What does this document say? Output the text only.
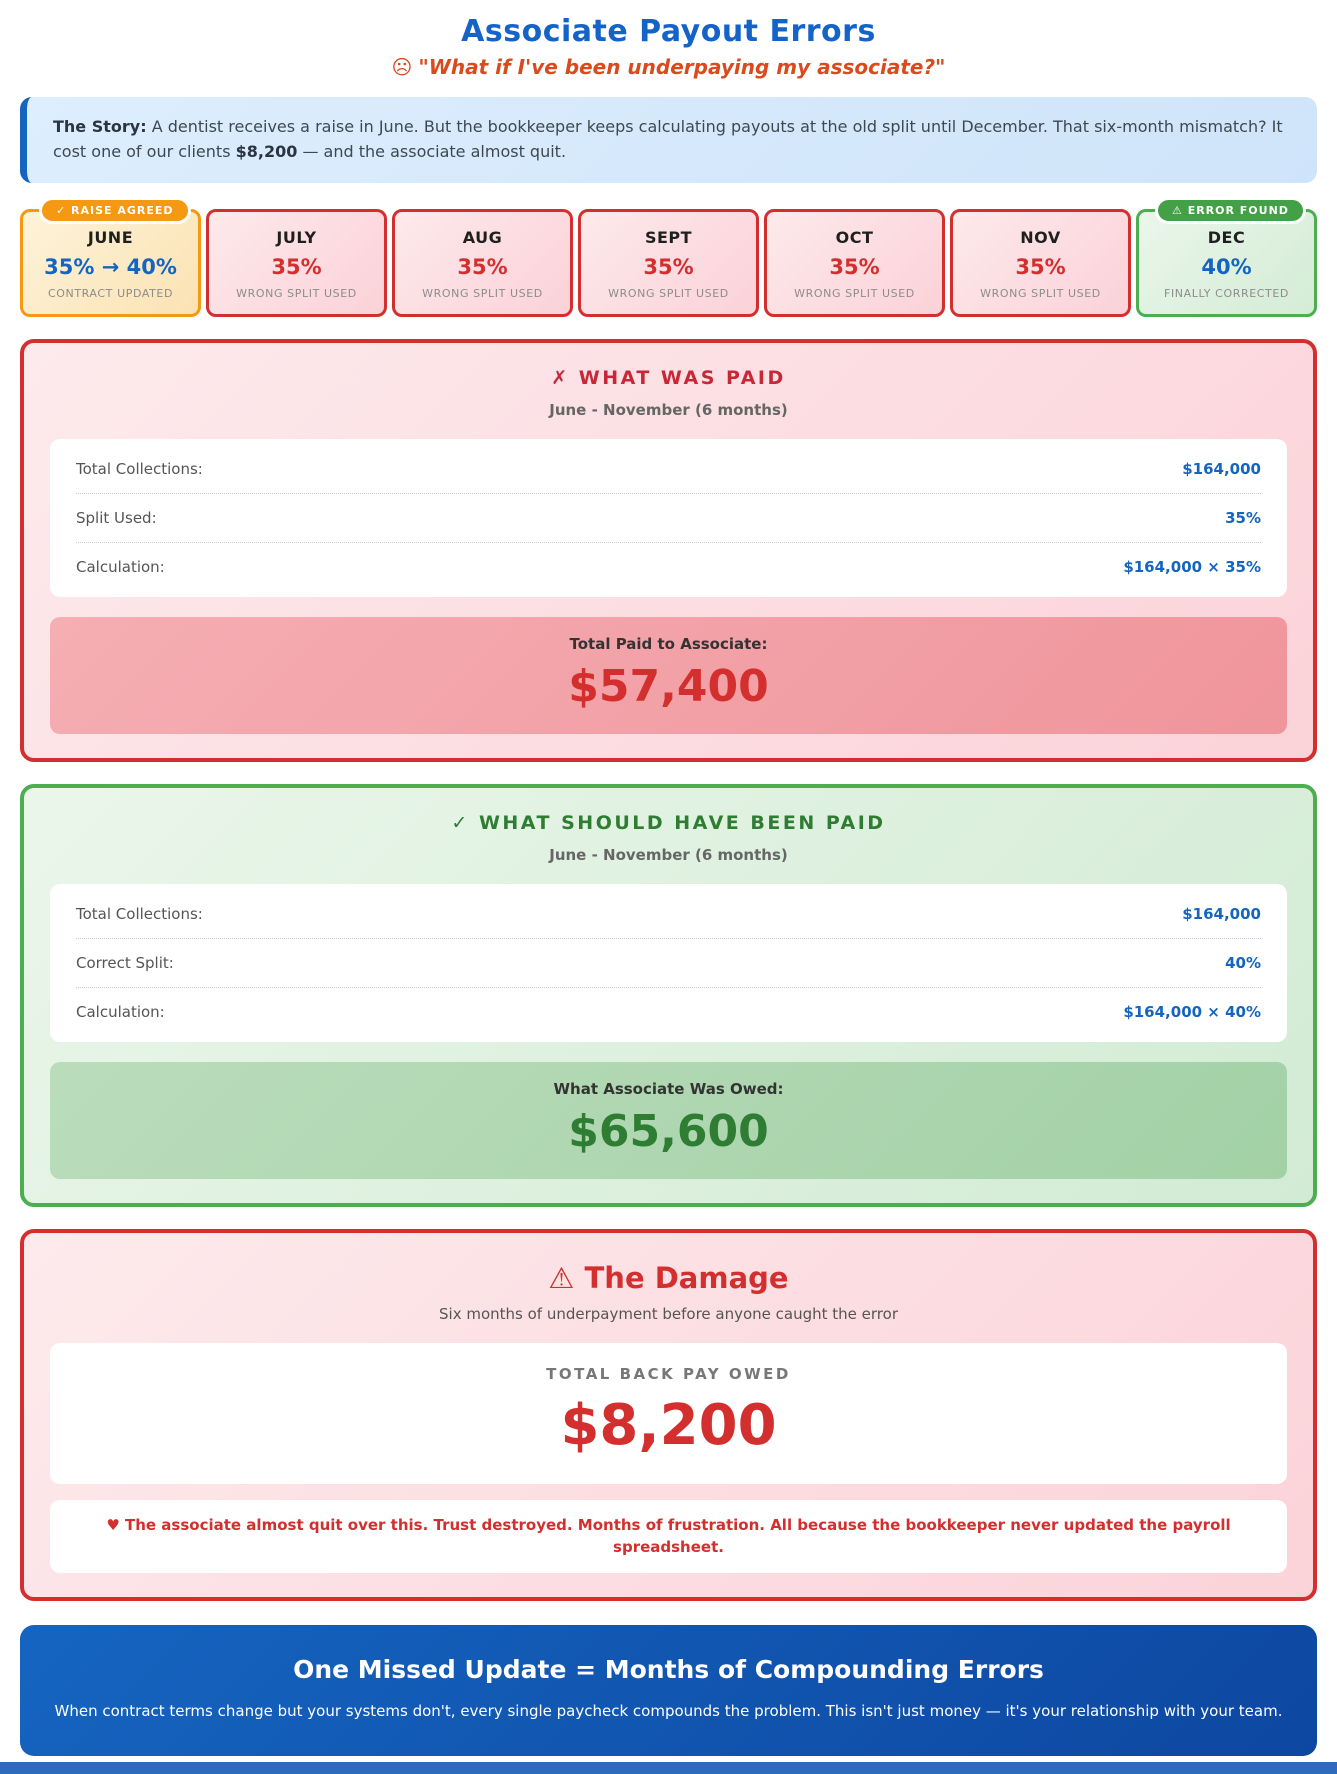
Associate Payout Errors

☹ "What if I've been underpaying my associate?"

The Story: A dentist receives a raise in June. But the bookkeeper keeps calculating payouts at the old split until December. That six-month mismatch? It cost one of our clients $8,200 — and the associate almost quit.
✓ RAISE AGREED
JUNE
35% → 40%
CONTRACT UPDATED
JULY
35%
WRONG SPLIT USED
AUG
35%
WRONG SPLIT USED
SEPT
35%
WRONG SPLIT USED
OCT
35%
WRONG SPLIT USED
NOV
35%
WRONG SPLIT USED
⚠ ERROR FOUND
DEC
40%
FINALLY CORRECTED
✗ WHAT WAS PAID
June - November (6 months)
Total Collections:	$164,000
Split Used:	35%
Calculation:	$164,000 × 35%
Total Paid to Associate:
$57,400
✓ WHAT SHOULD HAVE BEEN PAID
June - November (6 months)
Total Collections:	$164,000
Correct Split:	40%
Calculation:	$164,000 × 40%
What Associate Was Owed:
$65,600
⚠ The Damage
Six months of underpayment before anyone caught the error
TOTAL BACK PAY OWED
$8,200
♥ The associate almost quit over this. Trust destroyed. Months of frustration. All because the bookkeeper never updated the payroll spreadsheet.
One Missed Update = Months of Compounding Errors
When contract terms change but your systems don't, every single paycheck compounds the problem. This isn't just money — it's your relationship with your team.
